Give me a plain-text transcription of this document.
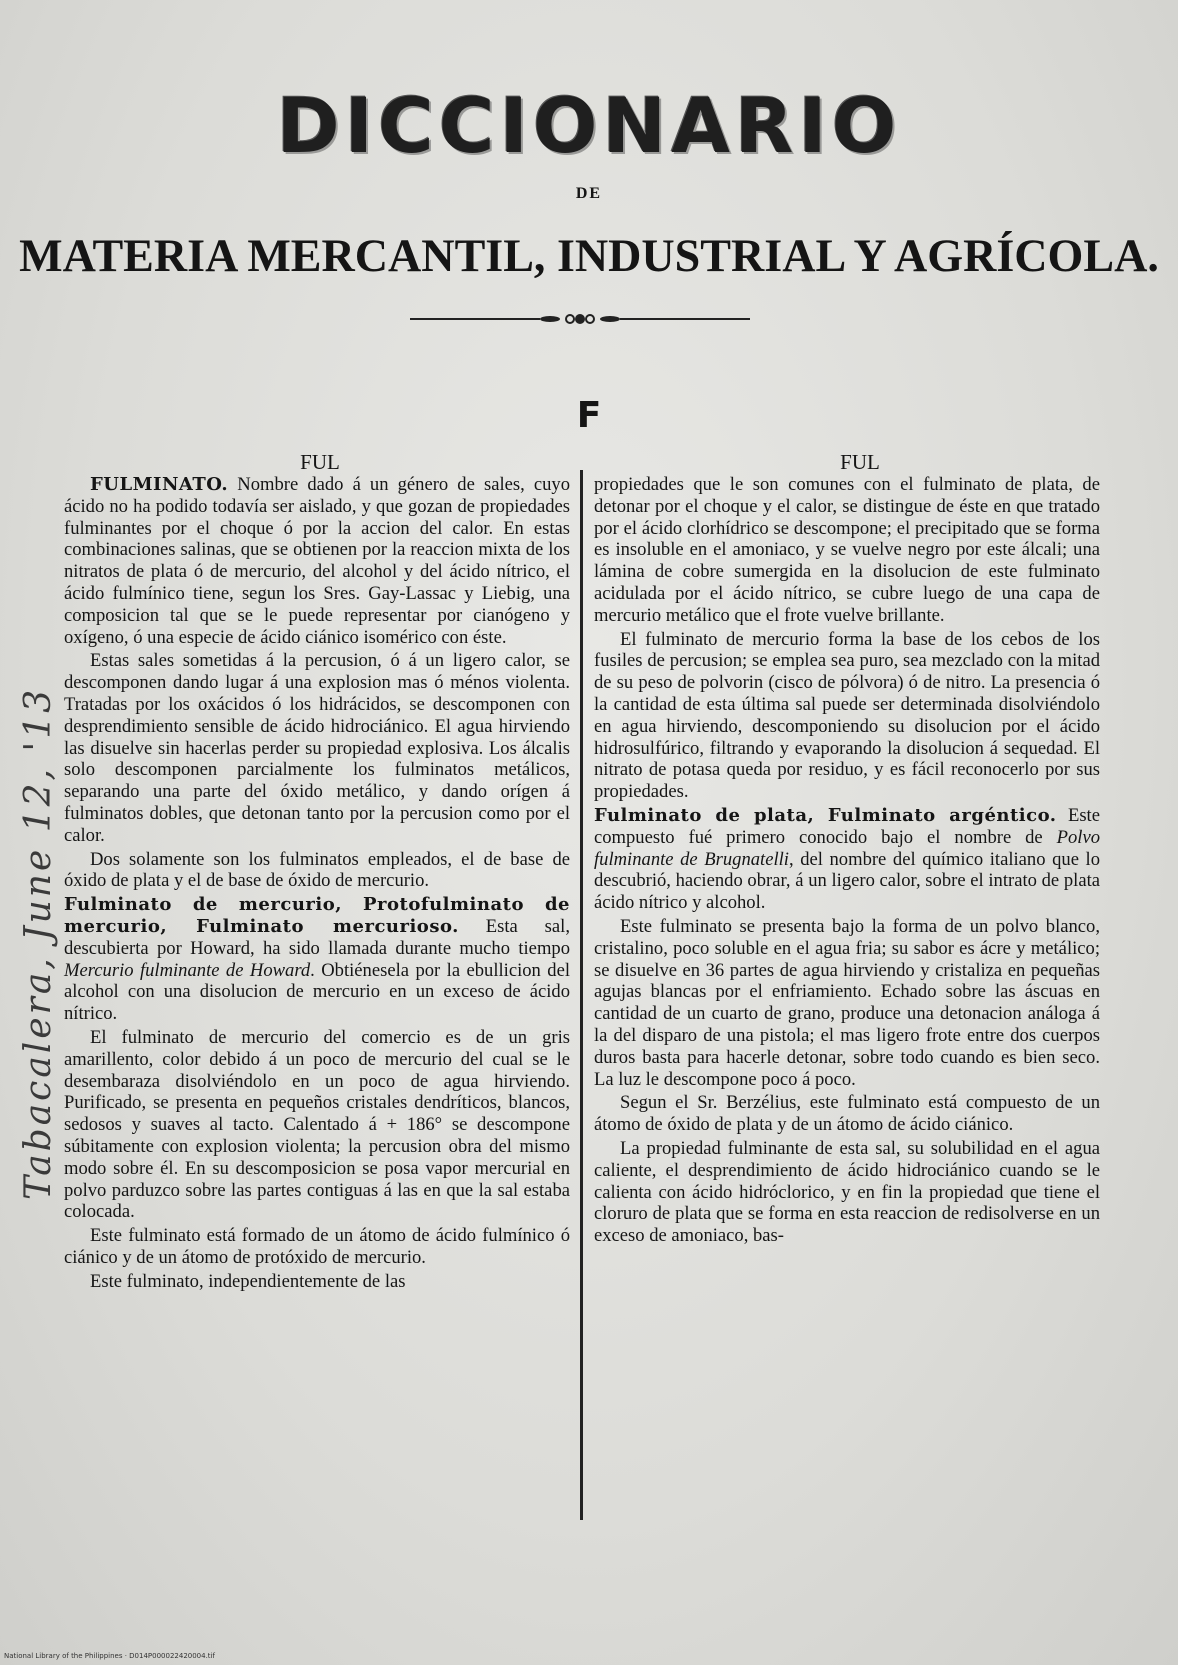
DICCIONARIO
DE
MATERIA MERCANTIL, INDUSTRIAL Y AGRÍCOLA.
F
FUL	FUL

FULMINATO. Nombre dado á un género de sales, cuyo ácido no ha podido todavía ser aislado, y que gozan de propiedades fulminantes por el choque ó por la accion del calor. En estas combinaciones salinas, que se obtienen por la reaccion mixta de los nitratos de plata ó de mercurio, del alcohol y del ácido nítrico, el ácido fulmínico tiene, segun los Sres. Gay-Lassac y Liebig, una composicion tal que se le puede representar por cianógeno y oxígeno, ó una especie de ácido ciánico isomérico con éste.

Estas sales sometidas á la percusion, ó á un ligero calor, se descomponen dando lugar á una explosion mas ó ménos violenta. Tratadas por los oxácidos ó los hidrácidos, se descomponen con desprendimiento sensible de ácido hidrociánico. El agua hirviendo las disuelve sin hacerlas perder su propiedad explosiva. Los álcalis solo descomponen parcialmente los fulminatos metálicos, separando una parte del óxido metálico, y dando orígen á fulminatos dobles, que detonan tanto por la percusion como por el calor.

Dos solamente son los fulminatos empleados, el de base de óxido de plata y el de base de óxido de mercurio.

Fulminato de mercurio, Protofulminato de mercurio, Fulminato mercurioso. Esta sal, descubierta por Howard, ha sido llamada durante mucho tiempo Mercurio fulminante de Howard. Obtiénesela por la ebullicion del alcohol con una disolucion de mercurio en un exceso de ácido nítrico.

El fulminato de mercurio del comercio es de un gris amarillento, color debido á un poco de mercurio del cual se le desembaraza disolviéndolo en un poco de agua hirviendo. Purificado, se presenta en pequeños cristales dendríticos, blancos, sedosos y suaves al tacto. Calentado á + 186° se descompone súbitamente con explosion violenta; la percusion obra del mismo modo sobre él. En su descomposicion se posa vapor mercurial en polvo parduzco sobre las partes contiguas á las en que la sal estaba colocada.

Este fulminato está formado de un átomo de ácido fulmínico ó ciánico y de un átomo de protóxido de mercurio.

Este fulminato, independientemente de las

propiedades que le son comunes con el fulminato de plata, de detonar por el choque y el calor, se distingue de éste en que tratado por el ácido clorhídrico se descompone; el precipitado que se forma es insoluble en el amoniaco, y se vuelve negro por este álcali; una lámina de cobre sumergida en la disolucion de este fulminato acidulada por el ácido nítrico, se cubre luego de una capa de mercurio metálico que el frote vuelve brillante.

El fulminato de mercurio forma la base de los cebos de los fusiles de percusion; se emplea sea puro, sea mezclado con la mitad de su peso de polvorin (cisco de pólvora) ó de nitro. La presencia ó la cantidad de esta última sal puede ser determinada disolviéndolo en agua hirviendo, descomponiendo su disolucion por el ácido hidrosulfúrico, filtrando y evaporando la disolucion á sequedad. El nitrato de potasa queda por residuo, y es fácil reconocerlo por sus propiedades.

Fulminato de plata, Fulminato argéntico. Este compuesto fué primero conocido bajo el nombre de Polvo fulminante de Brugnatelli, del nombre del químico italiano que lo descubrió, haciendo obrar, á un ligero calor, sobre el intrato de plata ácido nítrico y alcohol.

Este fulminato se presenta bajo la forma de un polvo blanco, cristalino, poco soluble en el agua fria; su sabor es ácre y metálico; se disuelve en 36 partes de agua hirviendo y cristaliza en pequeñas agujas blancas por el enfriamiento. Echado sobre las áscuas en cantidad de un cuarto de grano, produce una detonacion análoga á la del disparo de una pistola; el mas ligero frote entre dos cuerpos duros basta para hacerle detonar, sobre todo cuando es bien seco. La luz le descompone poco á poco.

Segun el Sr. Berzélius, este fulminato está compuesto de un átomo de óxido de plata y de un átomo de ácido ciánico.

La propiedad fulminante de esta sal, su solubilidad en el agua caliente, el desprendimiento de ácido hidrociánico cuando se le calienta con ácido hidróclorico, y en fin la propiedad que tiene el cloruro de plata que se forma en esta reaccion de redisolverse en un exceso de amoniaco, bas-

Tabacalera, June 12, '13
National Library of the Philippines · D014P000022420004.tif
